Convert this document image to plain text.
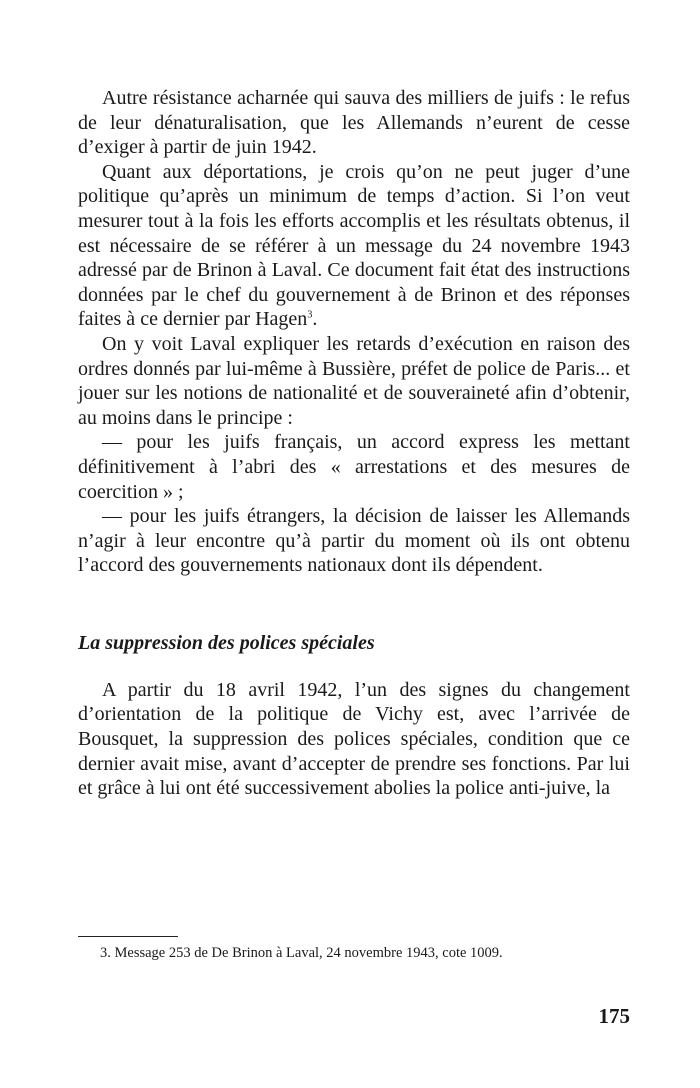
Autre résistance acharnée qui sauva des milliers de juifs : le refus de leur dénaturalisation, que les Allemands n’eurent de cesse d’exiger à partir de juin 1942.

Quant aux déportations, je crois qu’on ne peut juger d’une politique qu’après un minimum de temps d’action. Si l’on veut mesurer tout à la fois les efforts accomplis et les résultats obtenus, il est nécessaire de se référer à un message du 24 novembre 1943 adressé par de Brinon à Laval. Ce document fait état des instructions données par le chef du gouvernement à de Brinon et des réponses faites à ce dernier par Hagen$^3$.

On y voit Laval expliquer les retards d’exécution en raison des ordres donnés par lui-même à Bussière, préfet de police de Paris... et jouer sur les notions de nationalité et de souveraineté afin d’obtenir, au moins dans le principe :

— pour les juifs français, un accord express les mettant définitivement à l’abri des « arrestations et des mesures de coercition » ;

— pour les juifs étrangers, la décision de laisser les Allemands n’agir à leur encontre qu’à partir du moment où ils ont obtenu l’accord des gouvernements nationaux dont ils dépendent.

La suppression des polices spéciales

A partir du 18 avril 1942, l’un des signes du changement d’orientation de la politique de Vichy est, avec l’arrivée de Bousquet, la suppression des polices spéciales, condition que ce dernier avait mise, avant d’accepter de prendre ses fonctions. Par lui et grâce à lui ont été successivement abolies la police anti-juive, la

3. Message 253 de De Brinon à Laval, 24 novembre 1943, cote 1009.

175
